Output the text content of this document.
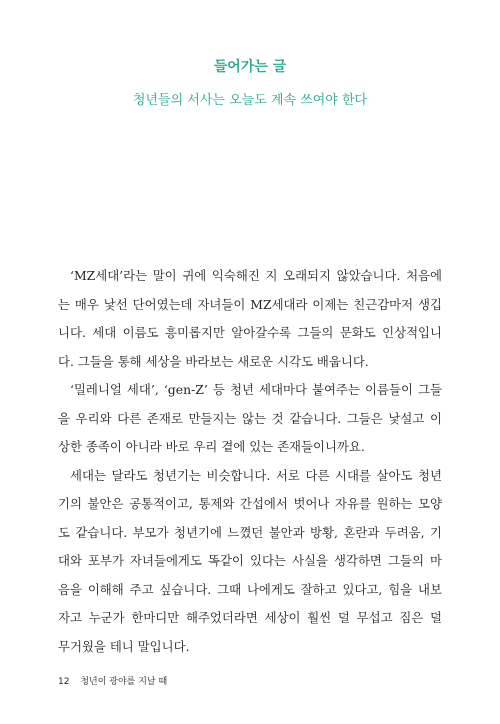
들어가는 글
청년들의 서사는 오늘도 계속 쓰여야 한다
‘MZ세대’라는 말이 귀에 익숙해진 지 오래되지 않았습니다. 처음에
는 매우 낯선 단어였는데 자녀들이 MZ세대라 이제는 친근감마저 생깁
니다. 세대 이름도 흥미롭지만 알아갈수록 그들의 문화도 인상적입니
다. 그들을 통해 세상을 바라보는 새로운 시각도 배웁니다.
‘밀레니얼 세대’, ‘gen-Z’ 등 청년 세대마다 붙여주는 이름들이 그들
을 우리와 다른 존재로 만들지는 않는 것 같습니다. 그들은 낯설고 이
상한 종족이 아니라 바로 우리 곁에 있는 존재들이니까요.
세대는 달라도 청년기는 비슷합니다. 서로 다른 시대를 살아도 청년
기의 불안은 공통적이고, 통제와 간섭에서 벗어나 자유를 원하는 모양
도 같습니다. 부모가 청년기에 느꼈던 불안과 방황, 혼란과 두려움, 기
대와 포부가 자녀들에게도 똑같이 있다는 사실을 생각하면 그들의 마
음을 이해해 주고 싶습니다. 그때 나에게도 잘하고 있다고, 힘을 내보
자고 누군가 한마디만 해주었더라면 세상이 훨씬 덜 무섭고 짐은 덜
무거웠을 테니 말입니다.
12 청년이 광야를 지날 때
